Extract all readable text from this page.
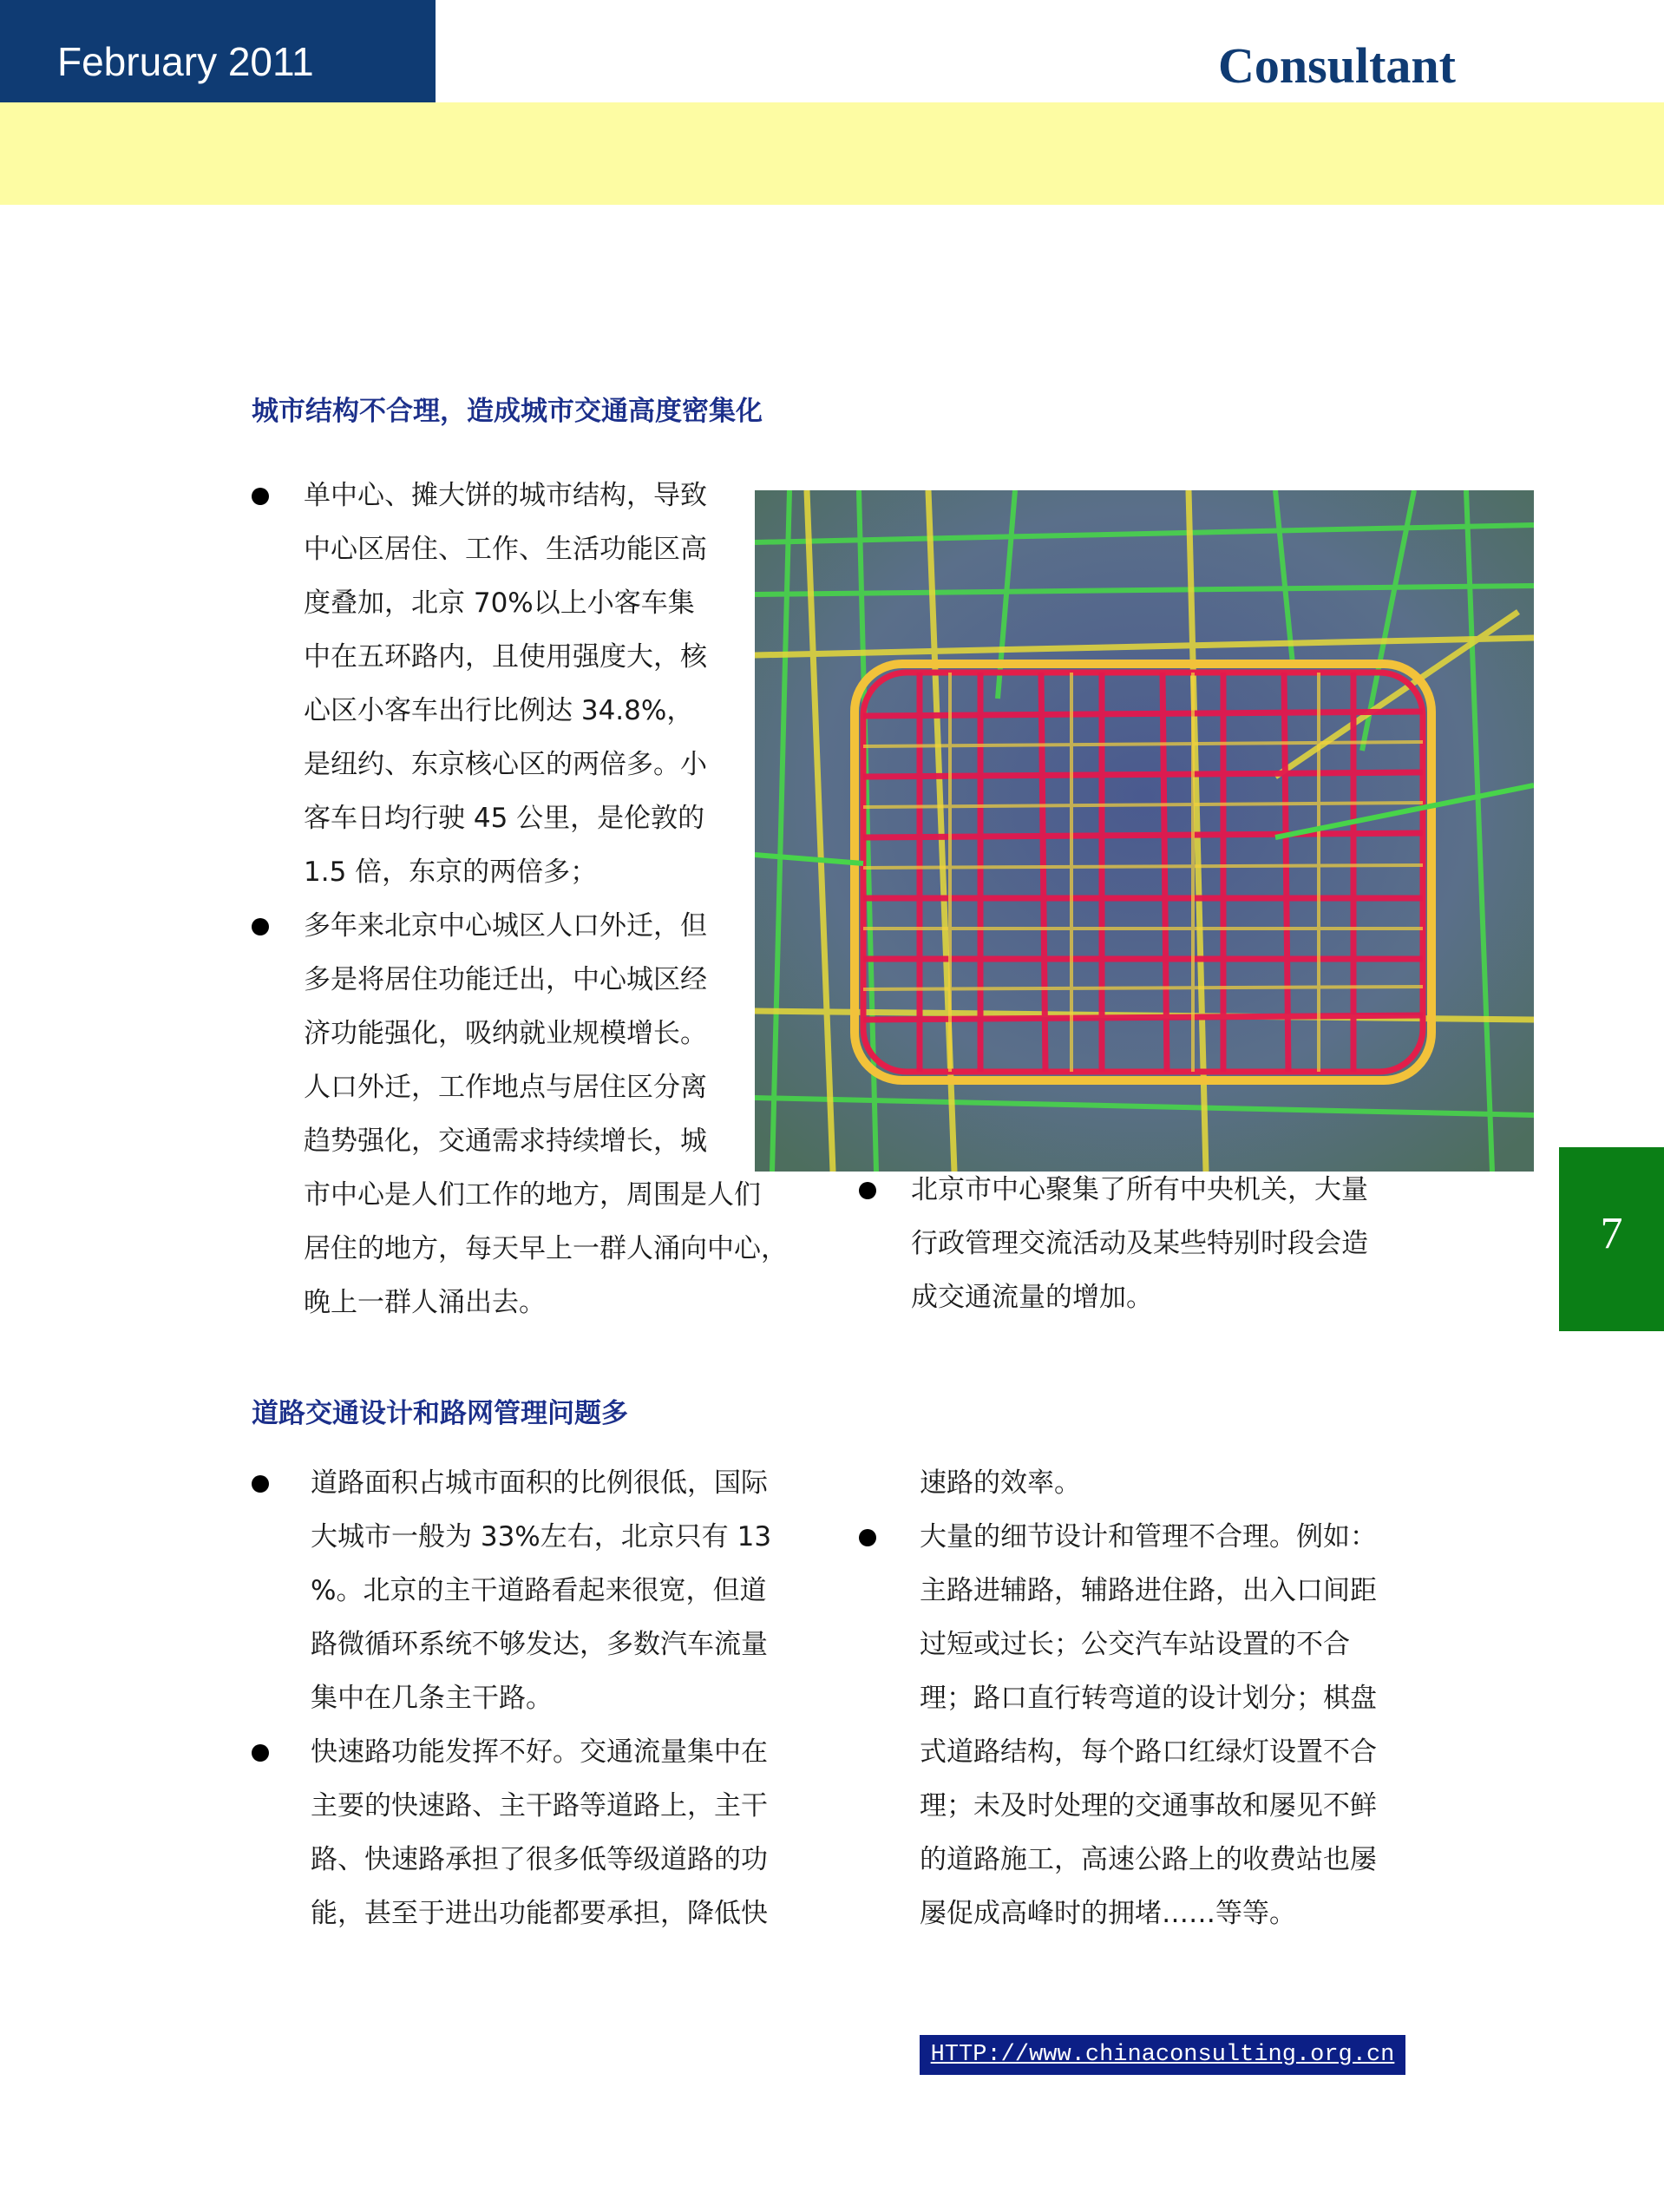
February 2011	Consultant
城市结构不合理，造成城市交通高度密集化
单中心、摊大饼的城市结构，导致
中心区居住、工作、生活功能区高
度叠加，北京 70%以上小客车集
中在五环路内，且使用强度大，核
心区小客车出行比例达 34.8%，
是纽约、东京核心区的两倍多。小
客车日均行驶 45 公里，是伦敦的
1.5 倍，东京的两倍多；
多年来北京中心城区人口外迁，但
多是将居住功能迁出，中心城区经
济功能强化，吸纳就业规模增长。
人口外迁，工作地点与居住区分离
趋势强化，交通需求持续增长，城
市中心是人们工作的地方，周围是人们
居住的地方，每天早上一群人涌向中心，
晚上一群人涌出去。
北京市中心聚集了所有中央机关，大量
行政管理交流活动及某些特别时段会造
成交通流量的增加。
7
道路交通设计和路网管理问题多
道路面积占城市面积的比例很低，国际
大城市一般为 33%左右，北京只有 13
%。北京的主干道路看起来很宽，但道
路微循环系统不够发达，多数汽车流量
集中在几条主干路。
快速路功能发挥不好。交通流量集中在
主要的快速路、主干路等道路上，主干
路、快速路承担了很多低等级道路的功
能，甚至于进出功能都要承担，降低快
速路的效率。
大量的细节设计和管理不合理。例如：
主路进辅路，辅路进住路，出入口间距
过短或过长；公交汽车站设置的不合
理；路口直行转弯道的设计划分；棋盘
式道路结构，每个路口红绿灯设置不合
理；未及时处理的交通事故和屡见不鲜
的道路施工，高速公路上的收费站也屡
屡促成高峰时的拥堵……等等。
HTTP://www.chinaconsulting.org.cn
